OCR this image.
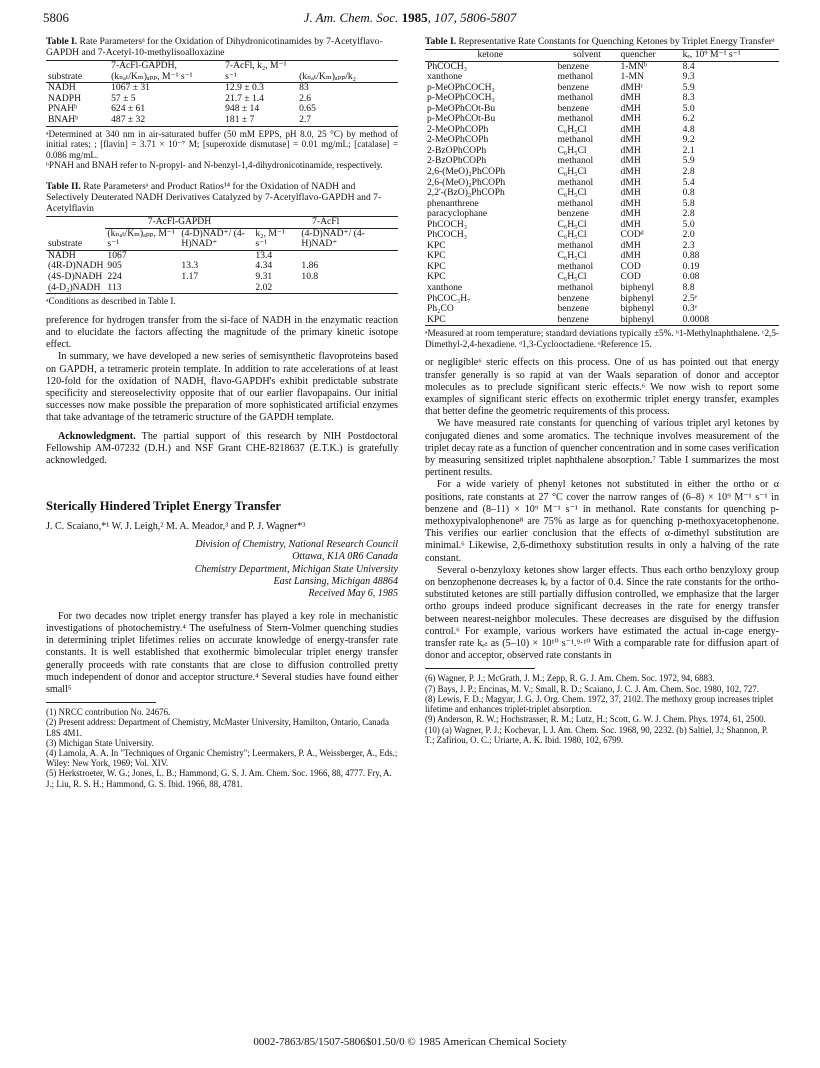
5806	J. Am. Chem. Soc. 1985, 107, 5806-5807

Table I. Rate Parametersᵃ for the Oxidation of Dihydronicotinamides by 7-Acetylflavo-GAPDH and 7-Acetyl-10-methylisoalloxazine

substrate	7-AcFl-GAPDH, (kₙₐₜ/Kₘ)ₐₚₚ, M⁻¹ s⁻¹	7-AcFl, k₂, M⁻¹ s⁻¹	(kₙₐₜ/Kₘ)ₐₚₚ/k₂
NADH	1067 ± 31	12.9 ± 0.3	83
NADPH	57 ± 5	21.7 ± 1.4	2.6
PNAHᵇ	624 ± 61	948 ± 14	0.65
BNAHᵇ	487 ± 32	181 ± 7	2.7

ᵃDetermined at 340 nm in air-saturated buffer (50 mM EPPS, pH 8.0, 25 °C) by method of initial rates; ; [flavin] = 3.71 × 10⁻⁷ M; [superoxide dismutase] = 0.01 mg/mL; [catalase] = 0.086 mg/mL.

ᵇPNAH and BNAH refer to N-propyl- and N-benzyl-1,4-dihydronicotinamide, respectively.

Table II. Rate Parametersᵃ and Product Ratios¹⁴ for the Oxidation of NADH and Selectively Deuterated NADH Derivatives Catalyzed by 7-Acetylflavo-GAPDH and 7-Acetylflavin

	7-AcFl-GAPDH		7-AcFl	
substrate	(kₙₐₜ/Kₘ)ₐₚₚ, M⁻¹ s⁻¹	(4-D)NAD⁺/ (4-H)NAD⁺	k₂, M⁻¹ s⁻¹	(4-D)NAD⁺/ (4-H)NAD⁺
NADH	1067		13.4	
(4R-D)NADH	905	13.3	4.34	1.86
(4S-D)NADH	224	1.17	9.31	10.8
(4-D₂)NADH	113		2.02	

ᵃConditions as described in Table I.

preference for hydrogen transfer from the si-face of NADH in the enzymatic reaction and to elucidate the factors affecting the magnitude of the primary kinetic isotope effect.

In summary, we have developed a new series of semisynthetic flavoproteins based on GAPDH, a tetrameric protein template. In addition to rate accelerations of at least 120-fold for the oxidation of NADH, flavo-GAPDH's exhibit predictable substrate specificity and stereoselectivity opposite that of our earlier flavopapains. Our initial successes now make possible the preparation of more sophisticated artificial enzymes that take advantage of the tetrameric structure of the GAPDH template.

Acknowledgment. The partial support of this research by NIH Postdoctoral Fellowship AM-07232 (D.H.) and NSF Grant CHE-8218637 (E.T.K.) is gratefully acknowledged.

Sterically Hindered Triplet Energy Transfer
J. C. Scaiano,*¹ W. J. Leigh,² M. A. Meador,³ and P. J. Wagner*³
Division of Chemistry, National Research Council
Ottawa, K1A 0R6 Canada
Chemistry Department, Michigan State University
East Lansing, Michigan 48864
Received May 6, 1985

For two decades now triplet energy transfer has played a key role in mechanistic investigations of photochemistry.⁴ The usefulness of Stern-Volmer quenching studies in determining triplet lifetimes relies on accurate knowledge of energy-transfer rate constants. It is well established that exothermic bimolecular triplet energy transfer generally proceeds with rate constants that are close to diffusion controlled pretty much independent of donor and acceptor structure.⁴ Several studies have found either small⁵

(1) NRCC contribution No. 24676.
(2) Present address: Department of Chemistry, McMaster University, Hamilton, Ontario, Canada L8S 4M1.
(3) Michigan State University.
(4) Lamola, A. A. In "Techniques of Organic Chemistry"; Leermakers, P. A., Weissberger, A., Eds.; Wiley: New York, 1969; Vol. XIV.
(5) Herkstroeter, W. G.; Jones, L. B.; Hammond, G. S. J. Am. Chem. Soc. 1966, 88, 4777. Fry, A. J.; Liu, R. S. H.; Hammond, G. S. Ibid. 1966, 88, 4781.

Table I. Representative Rate Constants for Quenching Ketones by Triplet Energy Transferᵃ

ketone	solvent	quencher	kₑ, 10⁹ M⁻¹ s⁻¹
PhCOCH₃	benzene	1-MNᵇ	8.4
xanthone	methanol	1-MN	9.3
p-MeOPhCOCH₃	benzene	dMHᶜ	5.9
p-MeOPhCOCH₃	methanol	dMH	8.3
p-MeOPhCOt-Bu	benzene	dMH	5.0
p-MeOPhCOt-Bu	methanol	dMH	6.2
2-MeOPhCOPh	C₆H₅Cl	dMH	4.8
2-MeOPhCOPh	methanol	dMH	9.2
2-BzOPhCOPh	C₆H₅Cl	dMH	2.1
2-BzOPhCOPh	methanol	dMH	5.9
2,6-(MeO)₂PhCOPh	C₆H₅Cl	dMH	2.8
2,6-(MeO)₂PhCOPh	methanol	dMH	5.4
2,2'-(BzO)₂PhCOPh	C₆H₅Cl	dMH	0.8
phenanthrene	methanol	dMH	5.8
paracyclophane	benzene	dMH	2.8
PhCOCH₃	C₆H₅Cl	dMH	5.0
PhCOCH₃	C₆H₅Cl	CODᵈ	2.0
KPC	methanol	dMH	2.3
KPC	C₆H₅Cl	dMH	0.88
KPC	methanol	COD	0.19
KPC	C₆H₅Cl	COD	0.08
xanthone	methanol	biphenyl	8.8
PhCOC₃H₇	benzene	biphenyl	2.5ᵉ
Ph₂CO	benzene	biphenyl	0.3ᵉ
KPC	benzene	biphenyl	0.0008

ᵃMeasured at room temperature; standard deviations typically ±5%. ᵇ1-Methylnaphthalene. ᶜ2,5-Dimethyl-2,4-hexadiene. ᵈ1,3-Cyclooctadiene. ᵉReference 15.

or negligible⁶ steric effects on this process. One of us has pointed out that energy transfer generally is so rapid at van der Waals separation of donor and acceptor molecules as to preclude significant steric effects.⁶ We now wish to report some examples of significant steric effects on exothermic triplet energy transfer, examples that better define the geometric requirements of this process.

We have measured rate constants for quenching of various triplet aryl ketones by conjugated dienes and some aromatics. The technique involves measurement of the triplet decay rate as a function of quencher concentration and in some cases verification by measuring sensitized triplet naphthalene absorption.⁷ Table I summarizes the most pertinent results.

For a wide variety of phenyl ketones not substituted in either the ortho or α positions, rate constants at 27 °C cover the narrow ranges of (6–8) × 10⁹ M⁻¹ s⁻¹ in benzene and (8–11) × 10⁹ M⁻¹ s⁻¹ in methanol. Rate constants for quenching p-methoxypivalophenone⁸ are 75% as large as for quenching p-methoxyacetophenone. This verifies our earlier conclusion that the effects of α-dimethyl substitution are minimal.⁶ Likewise, 2,6-dimethoxy substitution results in only a halving of the rate constant.

Several o-benzyloxy ketones show larger effects. Thus each ortho benzyloxy group on benzophenone decreases kₑ by a factor of 0.4. Since the rate constants for the ortho-substituted ketones are still partially diffusion controlled, we emphasize that the larger ortho groups indeed produce significant decreases in the rate for energy transfer between nearest-neighbor molecules. These decreases are disguised by the diffusion control.⁶ For example, various workers have estimated the actual in-cage energy-transfer rate kₑₜ as (5–10) × 10¹⁰ s⁻¹.⁹·¹⁰ With a comparable rate for diffusion apart of donor and acceptor, observed rate constants in

(6) Wagner, P. J.; McGrath, J. M.; Zepp, R. G. J. Am. Chem. Soc. 1972, 94, 6883.
(7) Bays, J. P.; Encinas, M. V.; Small, R. D.; Scaiano, J. C. J. Am. Chem. Soc. 1980, 102, 727.
(8) Lewis, F. D.; Magyar, J. G. J. Org. Chem. 1972, 37, 2102. The methoxy group increases triplet lifetime and enhances triplet-triplet absorption.
(9) Anderson, R. W.; Hochstrasser, R. M.; Lutz, H.; Scott, G. W. J. Chem. Phys. 1974, 61, 2500.
(10) (a) Wagner, P. J.; Kochevar, I. J. Am. Chem. Soc. 1968, 90, 2232. (b) Saltiel, J.; Shannon, P. T.; Zafiriou, O. C.; Uriarte, A. K. Ibid. 1980, 102, 6799.
0002-7863/85/1507-5806$01.50/0 © 1985 American Chemical Society
